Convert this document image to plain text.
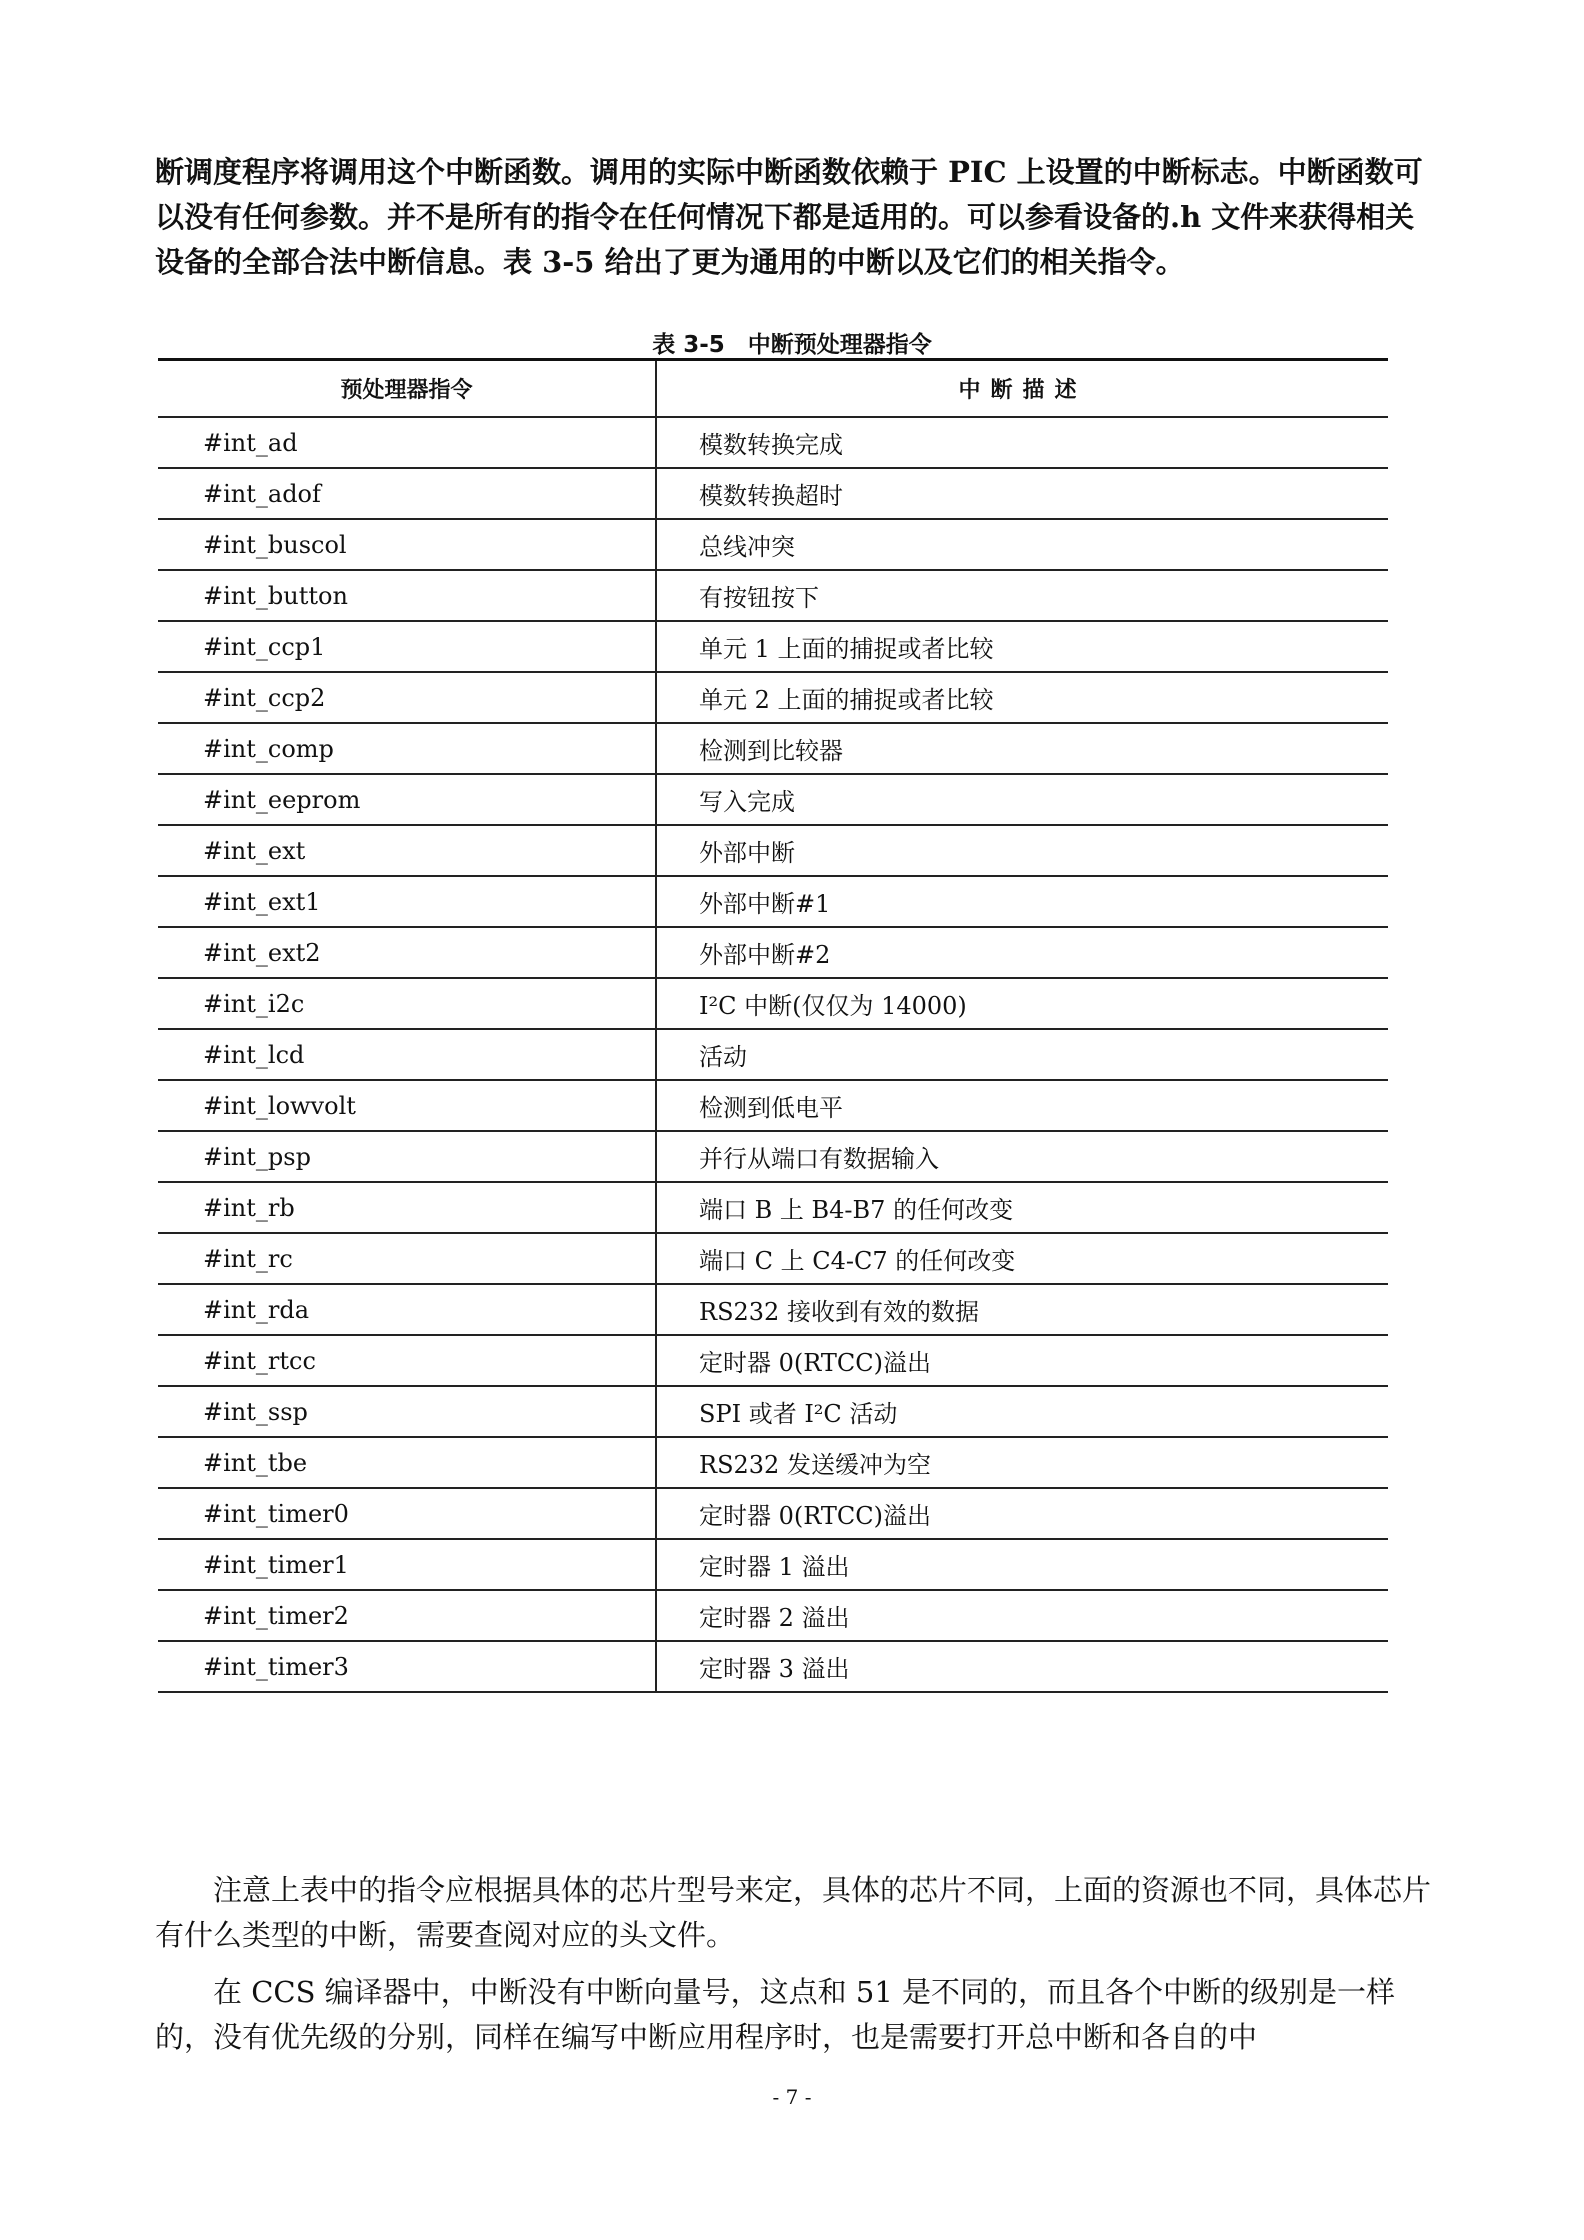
断调度程序将调用这个中断函数。调用的实际中断函数依赖于 PIC 上设置的中断标志。中断函数可以没有任何参数。并不是所有的指令在任何情况下都是适用的。可以参看设备的.h 文件来获得相关设备的全部合法中断信息。表 3-5 给出了更为通用的中断以及它们的相关指令。

表 3-5　中断预处理器指令
预处理器指令	中断描述
#int_ad	模数转换完成
#int_adof	模数转换超时
#int_buscol	总线冲突
#int_button	有按钮按下
#int_ccp1	单元 1 上面的捕捉或者比较
#int_ccp2	单元 2 上面的捕捉或者比较
#int_comp	检测到比较器
#int_eeprom	写入完成
#int_ext	外部中断
#int_ext1	外部中断#1
#int_ext2	外部中断#2
#int_i2c	I²C 中断(仅仅为 14000)
#int_lcd	活动
#int_lowvolt	检测到低电平
#int_psp	并行从端口有数据输入
#int_rb	端口 B 上 B4-B7 的任何改变
#int_rc	端口 C 上 C4-C7 的任何改变
#int_rda	RS232 接收到有效的数据
#int_rtcc	定时器 0(RTCC)溢出
#int_ssp	SPI 或者 I²C 活动
#int_tbe	RS232 发送缓冲为空
#int_timer0	定时器 0(RTCC)溢出
#int_timer1	定时器 1 溢出
#int_timer2	定时器 2 溢出
#int_timer3	定时器 3 溢出

注意上表中的指令应根据具体的芯片型号来定，具体的芯片不同，上面的资源也不同，具体芯片有什么类型的中断，需要查阅对应的头文件。

在 CCS 编译器中，中断没有中断向量号，这点和 51 是不同的，而且各个中断的级别是一样的，没有优先级的分别，同样在编写中断应用程序时，也是需要打开总中断和各自的中

- 7 -
